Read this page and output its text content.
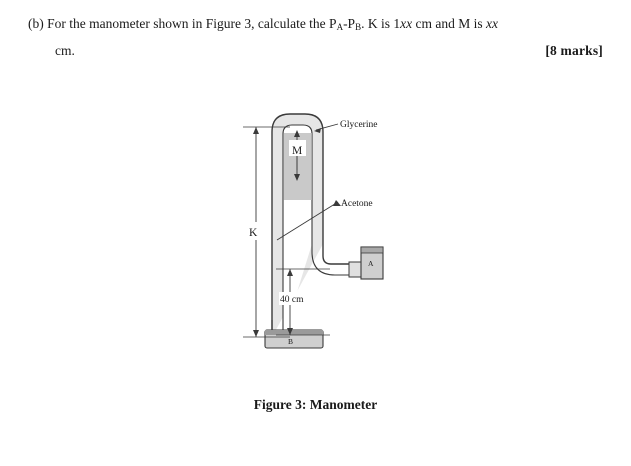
(b) For the manometer shown in Figure 3, calculate the $P_A-P_B$. K is 1xx cm and M is xx
cm.	[8 marks]
A
B
M
K
40 cm
Glycerine
Acetone
Figure 3: Manometer
